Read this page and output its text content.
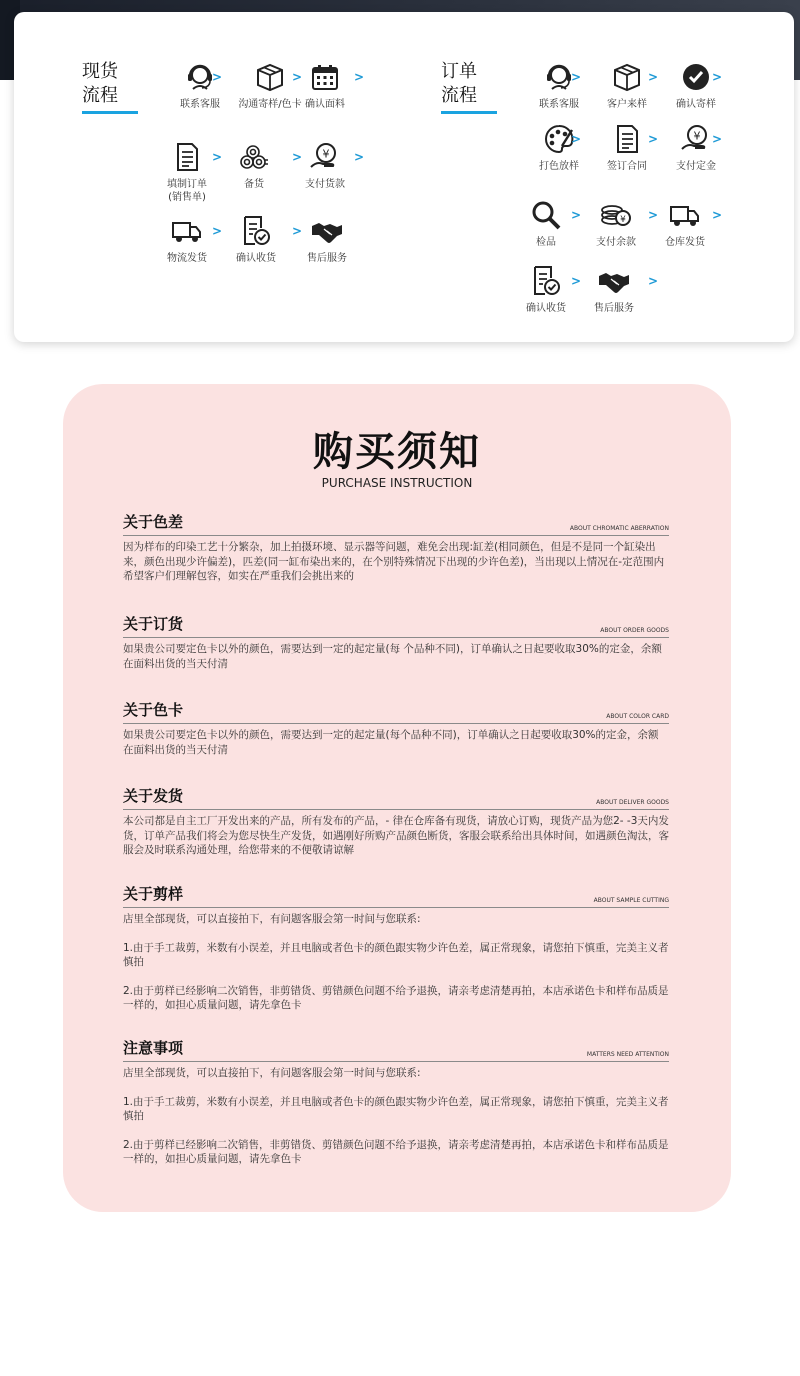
现货
流程
订单
流程
联系客服
>
沟通寄样/色卡
>
确认面料
>
填制订单
(销售单)
>
备货
>
支付货款
>
物流发货
>
确认收货
>
售后服务
联系客服
>
客户来样
>
确认寄样
>
打色放样
>
签订合同
>
支付定金
>
检品
>
支付余款
>
仓库发货
>
确认收货
>
售后服务
>
购买须知
PURCHASE INSTRUCTION
关于色差	ABOUT CHROMATIC ABERRATION

因为样布的印染工艺十分繁杂，加上拍摄环境、显示器等问题，难免会出现:缸差(相同颜色，但是不是同一个缸染出来，颜色出现少许偏差)，匹差(同一缸布染出来的，在个别特殊情况下出现的少许色差)，当出现以上情况在-定范围内希望客户们理解包容，如实在严重我们会挑出来的

关于订货	ABOUT ORDER GOODS

如果贵公司要定色卡以外的颜色，需要达到一定的起定量(每 个品种不同)，订单确认之日起要收取30%的定金，余额在面料出货的当天付清

关于色卡	ABOUT COLOR CARD

如果贵公司要定色卡以外的颜色，需要达到一定的起定量(每个品种不同)，订单确认之日起要收取30%的定金，余额在面料出货的当天付清

关于发货	ABOUT DELIVER GOODS

本公司都是自主工厂开发出来的产品，所有发布的产品，- 律在仓库备有现货，请放心订购，现货产品为您2- -3天内发货，订单产品我们将会为您尽快生产发货，如遇刚好所购产品颜色断货，客服会联系给出具体时间，如遇颜色淘汰，客服会及时联系沟通处理，给您带来的不便敬请谅解

关于剪样	ABOUT SAMPLE CUTTING

店里全部现货，可以直接拍下，有问题客服会第一时间与您联系:

1.由于手工裁剪，米数有小误差，并且电脑或者色卡的颜色跟实物少许色差，属正常现象，请您拍下慎重，完美主义者慎拍

2.由于剪样已经影响二次销售，非剪错货、剪错颜色问题不给予退换，请亲考虑清楚再拍，本店承诺色卡和样布品质是一样的，如担心质量问题，请先拿色卡

注意事项	MATTERS NEED ATTENTION

店里全部现货，可以直接拍下，有问题客服会第一时间与您联系:

1.由于手工裁剪，米数有小误差，并且电脑或者色卡的颜色跟实物少许色差，属正常现象，请您拍下慎重，完美主义者慎拍

2.由于剪样已经影响二次销售，非剪错货、剪错颜色问题不给予退换，请亲考虑清楚再拍，本店承诺色卡和样布品质是一样的，如担心质量问题，请先拿色卡
